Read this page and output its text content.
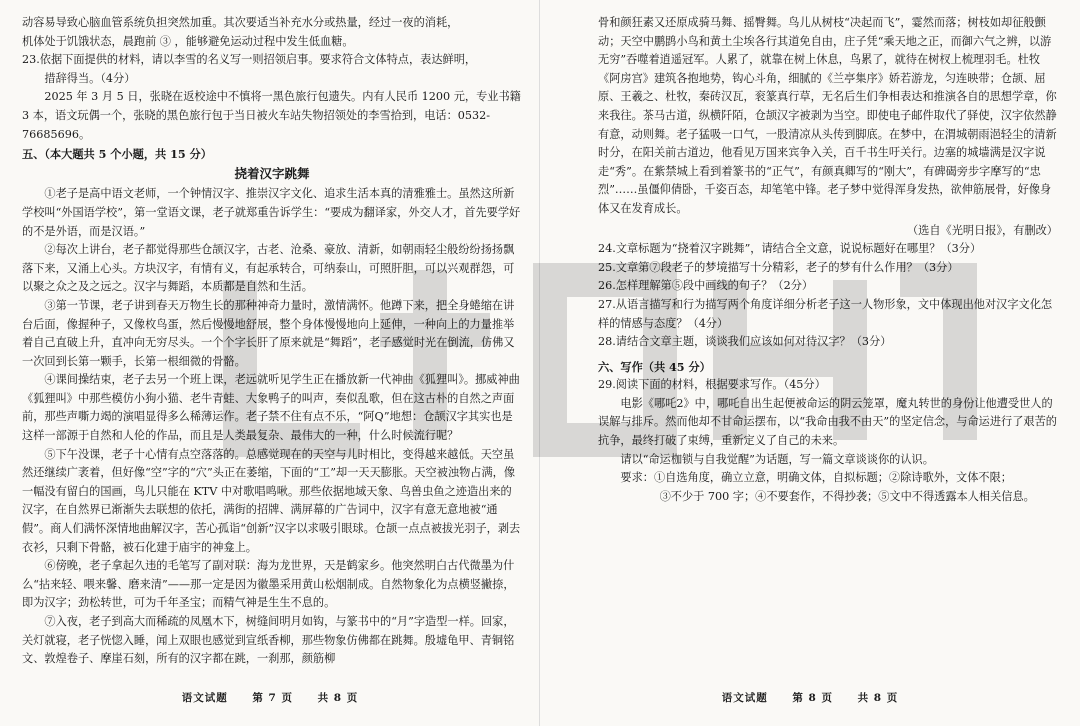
动容易导致心脑血管系统负担突然加重。其次要适当补充水分或热量，经过一夜的消耗，

机体处于饥饿状态，晨跑前 ③ ，能够避免运动过程中发生低血糖。

23.依据下面提供的材料，请以李雪的名义写一则招领启事。要求符合文体特点，表达鲜明，

措辞得当。（4分）

2025 年 3 月 5 日，张晓在返校途中不慎将一黑色旅行包遗失。内有人民币 1200 元，专业书籍 3 本，语文玩偶一个，张晓的黑色旅行包于当日被火车站失物招领处的李雪拾到，电话：0532-76685696。

五、（本大题共 5 个小题，共 15 分）

挠着汉字跳舞

①老子是高中语文老师，一个钟情汉字、推崇汉字文化、追求生活本真的清雅雅士。虽然这所新学校叫“外国语学校”，第一堂语文课，老子就郑重告诉学生：“要成为翻译家，外交人才，首先要学好的不是外语，而是汉语。”

②每次上讲台，老子都觉得那些仓颉汉字，古老、沧桑、豪放、清新，如朝雨轻尘般纷纷扬扬飘落下来，又涌上心头。方块汉字，有情有义，有起承转合，可纳泰山，可照肝胆，可以兴观群怨，可以聚之众之及之远之。汉字与舞蹈，本质都是自然和生活。

③第一节课，老子讲到春天万物生长的那种神奇力量时，激情满怀。他蹲下来，把全身蜷缩在讲台后面，像握种子，又像枚鸟蛋，然后慢慢地舒展，整个身体慢慢地向上延伸，一种向上的力量推举着自己直破上升，直冲向无穷尽头。一个个字长肝了原来就是“舞蹈”，老子感觉时光在倒流，仿佛又一次回到长第一颗手，长第一根细微的骨骼。

④课间操结束，老子去另一个班上课，老远就听见学生正在播放新一代神曲《狐狸叫》。挪威神曲《狐狸叫》中那些模仿小狗小猫、老牛青蛙、大象鸭子的叫声，奏似乱歌，但在这古朴的自然之声面前，那些声嘶力竭的演唱显得多么稀薄运作。老子禁不住有点不乐，“阿Q”地想：仓颉汉字其实也是这样一部源于自然和人伦的作品，而且是人类最复杂、最伟大的一种，什么时候流行呢？

⑤下午没课，老子十心情有点空落落的。总感觉现在的天空与儿时相比，变得越来越低。天空虽然还继续广袤着，但好像“空”字的“穴”头正在萎缩，下面的“工”却一天天膨胀。天空被浊物占满，像一幅没有留白的国画，鸟儿只能在 KTV 中对歌唱鸣啾。那些依据地域天象、鸟兽虫鱼之迹造出来的汉字，在自然界已渐渐失去联想的依托，满街的招牌、满屏幕的广告词中，汉字有意无意地被“通假”。商人们满怀深情地曲解汉字，苦心孤诣“创新”汉字以求吸引眼球。仓颉一点点被拔光羽子，剥去衣衫，只剩下骨骼，被石化建于庙宇的神龛上。

⑥傍晚，老子拿起久违的毛笔写了副对联：海为龙世界，天是鹤家乡。他突然明白古代微墨为什么“拈来轻、喂来馨、磨来清”——那一定是因为徽墨采用黄山松烟制成。自然物象化为点横竖撇捺，即为汉字；劲松转世，可为千年圣宝；而精气神是生生不息的。

⑦入夜，老子到高大而稀疏的凤凰木下，树缝间明月如钩，与篆书中的“月”字造型一样。回家，关灯就寝，老子恍惚入睡，闻上双眼也感觉到宣纸香柳，那些物象仿佛都在跳舞。殷墟龟甲、青铜铭文、敦煌卷子、摩崖石刻，所有的汉字都在跳，一刹那，颜筋柳

语文试题 第 7 页 共 8 页

骨和颜狂素又还原成骑马舞、摇臀舞。鸟儿从树枝“决起而飞”，霎然而落；树枝如却征般颤动；天空中鹏鹍小鸟和黄土尘埃各行其道免自由，庄子凭“乘天地之正，而御六气之辨，以游无穷”吞噬着逍遥冠军。人累了，就靠在树上休息，鸟累了，就待在树杈上梳理羽毛。杜牧《阿房宫》建筑各抱地势，钩心斗角，细腻的《兰亭集序》娇若游龙，匀连映带；仓颉、屈原、王羲之、杜牧，秦砖汉瓦，衮篆真行草，无名后生们争相表达和推演各自的思想学章，你来我往。茶马古道，纵横阡陌，仓颉汉字被剥为当空。即使电子邮件取代了驿使，汉字依然静有意，动则舞。老子猛吸一口气，一股清凉从头传到脚底。在梦中，在渭城朝雨浥轻尘的清新时分，在阳关前古道边，他看见万国来宾争入关，百千书生吁关行。边塞的城墙满是汉字说走“秀”。在紫禁城上看到着篆书的“正气”，有颜真卿写的“刚大”，有碑碣旁步字摩写的“忠烈”……虽僵仰倩卧，千姿百态，却笔笔中锋。老子梦中觉得浑身发热，欲伸筋展骨，好像身体又在发育成长。

（选自《光明日报》，有删改）

24.文章标题为“挠着汉字跳舞”，请结合全文意，说说标题好在哪里？（3分）

25.文章第⑦段老子的梦境描写十分精彩，老子的梦有什么作用？（3分）

26.怎样理解第⑤段中画线的句子？（2分）

27.从语言描写和行为描写两个角度详细分析老子这一人物形象，文中体现出他对汉字文化怎样的情感与态度？（4分）

28.请结合文章主题，谈谈我们应该如何对待汉字？（3分）

六、写作（共 45 分）

29.阅读下面的材料，根据要求写作。（45分）

电影《哪吒2》中，哪吒自出生起便被命运的阴云笼罩，魔丸转世的身份让他遭受世人的误解与排斥。然而他却不甘命运摆布，以“我命由我不由天”的坚定信念，与命运进行了艰苦的抗争，最终打破了束缚，重新定义了自己的未来。

请以“命运枷锁与自我觉醒”为话题，写一篇文章谈谈你的认识。

要求：①自选角度，确立立意，明确文体，自拟标题；②除诗歌外，文体不限；

③不少于 700 字；④不要套作，不得抄袭；⑤文中不得透露本人相关信息。

语文试题 第 8 页 共 8 页
